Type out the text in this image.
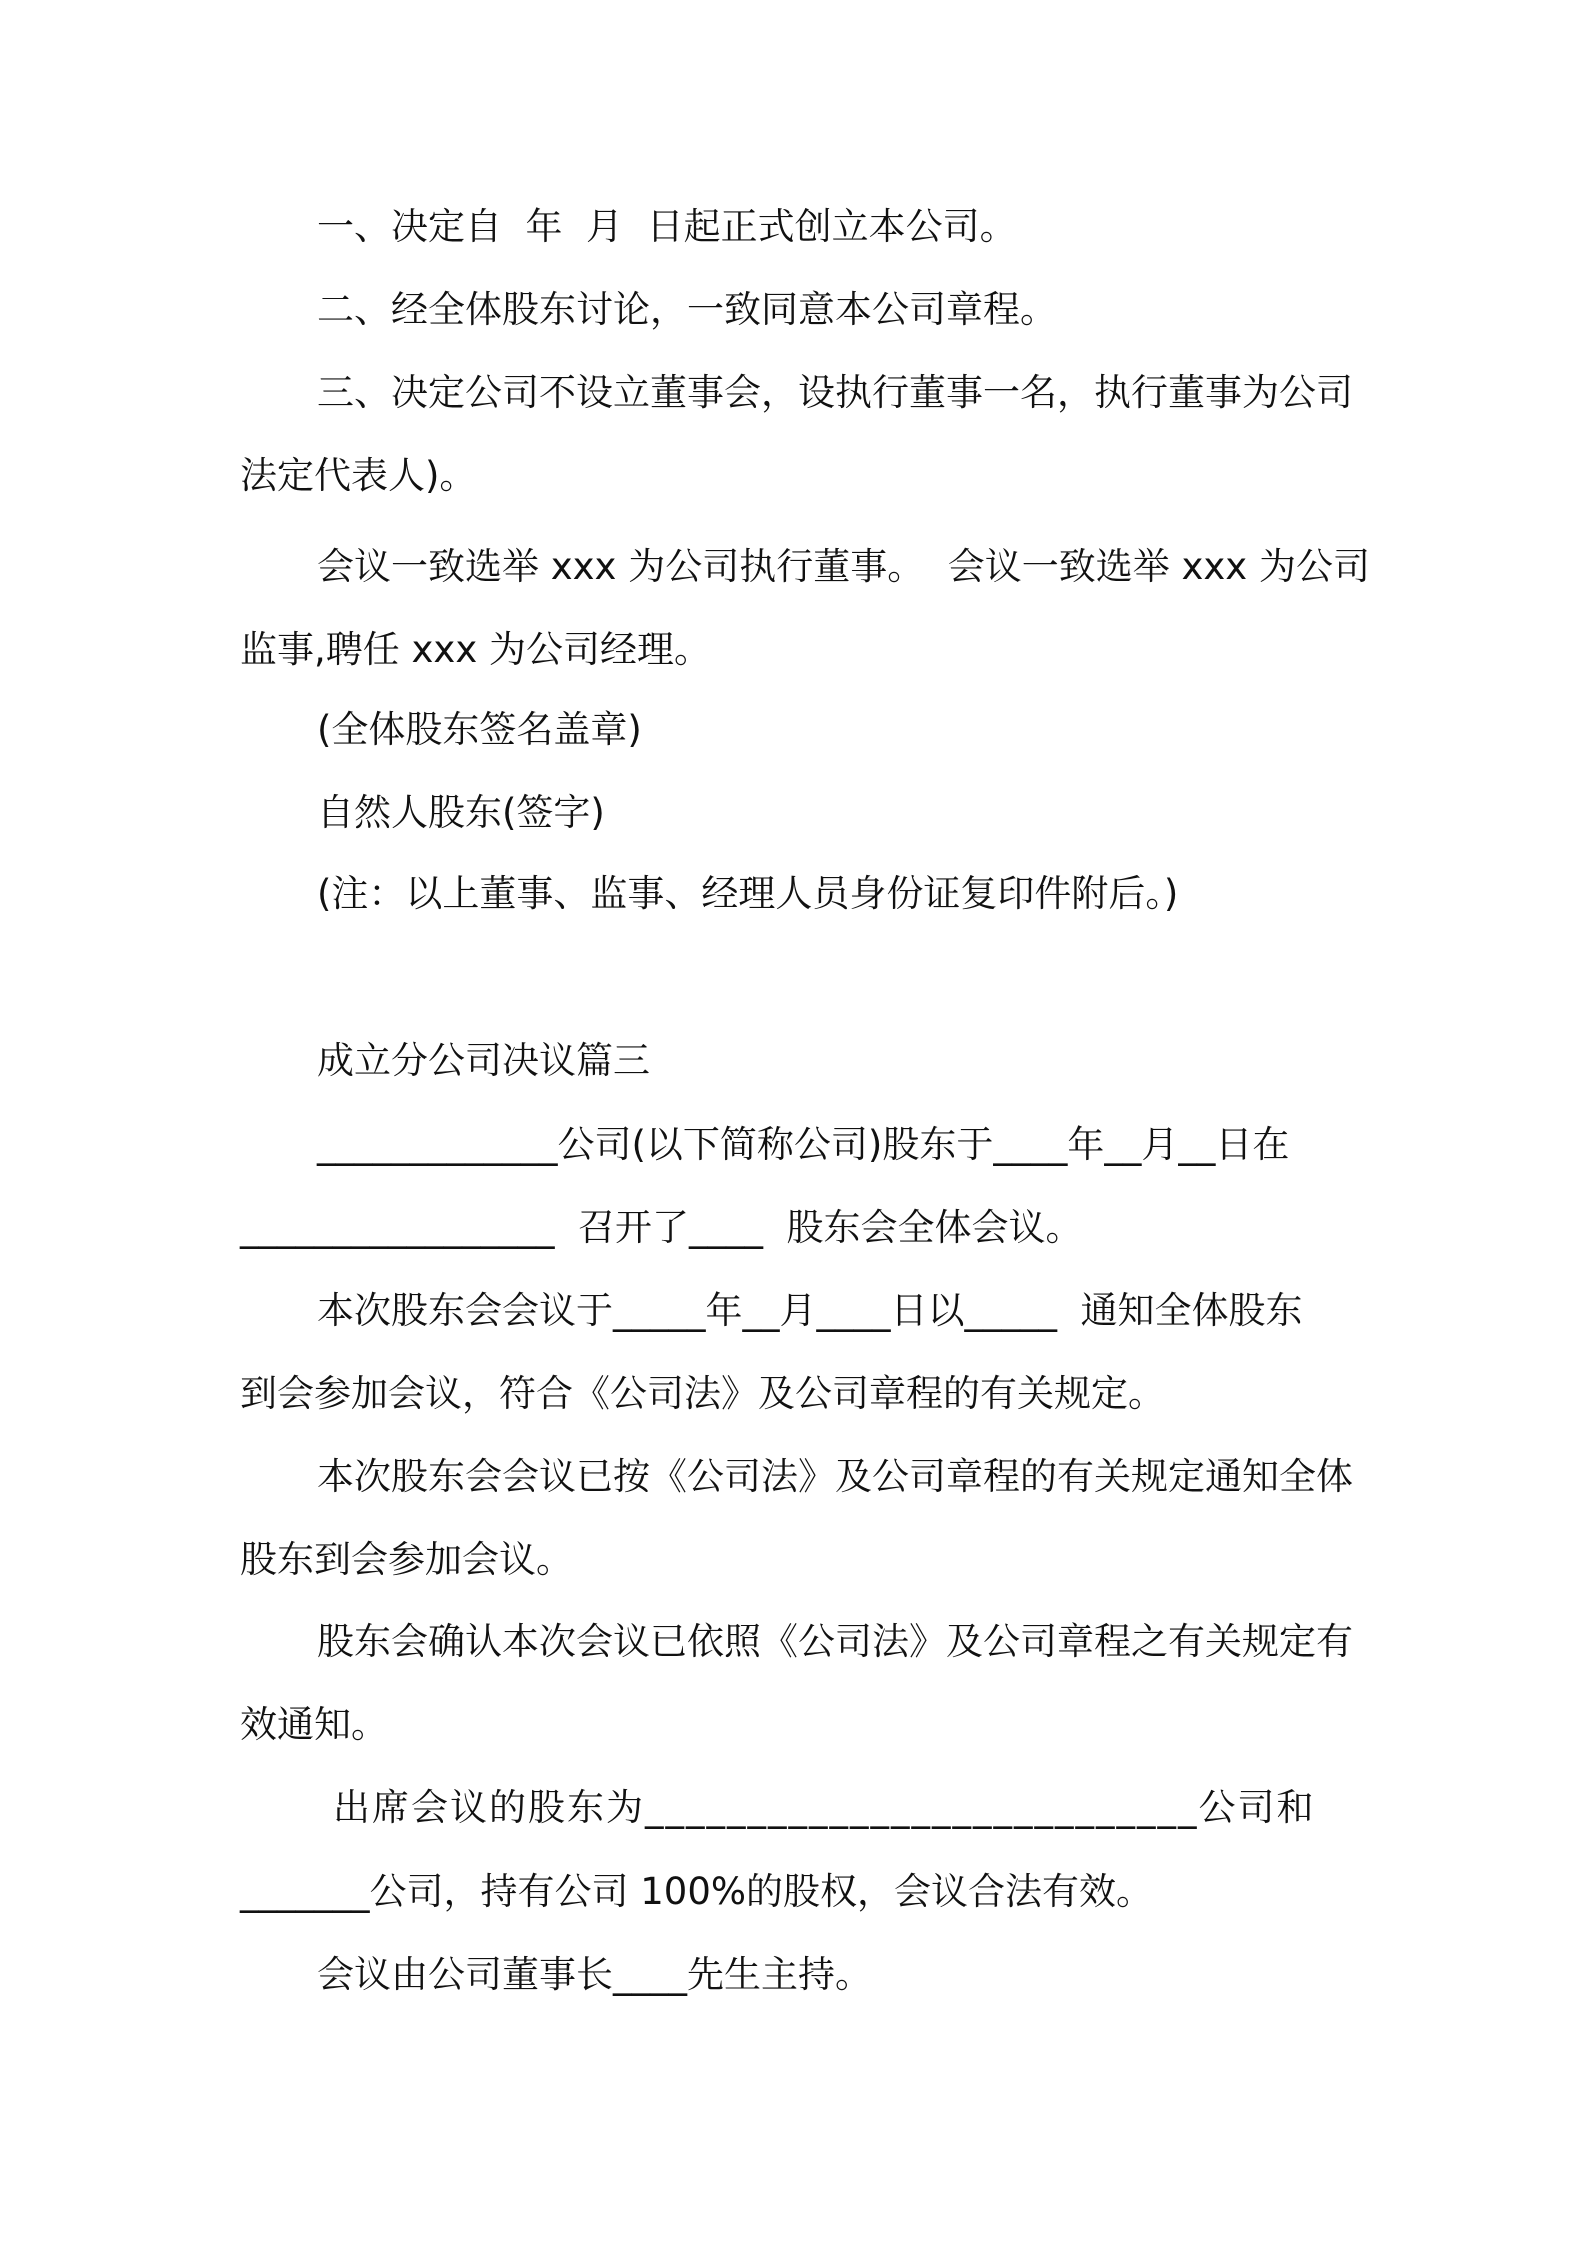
一、决定自  年  月  日起正式创立本公司。

二、经全体股东讨论，一致同意本公司章程。

三、决定公司不设立董事会，设执行董事一名，执行董事为公司

法定代表人)。

会议一致选举 xxx 为公司执行董事。  会议一致选举 xxx 为公司

监事,聘任 xxx 为公司经理。

(全体股东签名盖章)

自然人股东(签字)

(注：以上董事、监事、经理人员身份证复印件附后。)

成立分公司决议篇三

_____________公司(以下简称公司)股东于____年__月__日在

_________________  召开了____  股东会全体会议。

本次股东会会议于_____年__月____日以_____  通知全体股东

到会参加会议，符合《公司法》及公司章程的有关规定。

本次股东会会议已按《公司法》及公司章程的有关规定通知全体

股东到会参加会议。

股东会确认本次会议已依照《公司法》及公司章程之有关规定有

效通知。

出席会议的股东为___________________________公司和

_______公司，持有公司 100%的股权，会议合法有效。

会议由公司董事长____先生主持。
